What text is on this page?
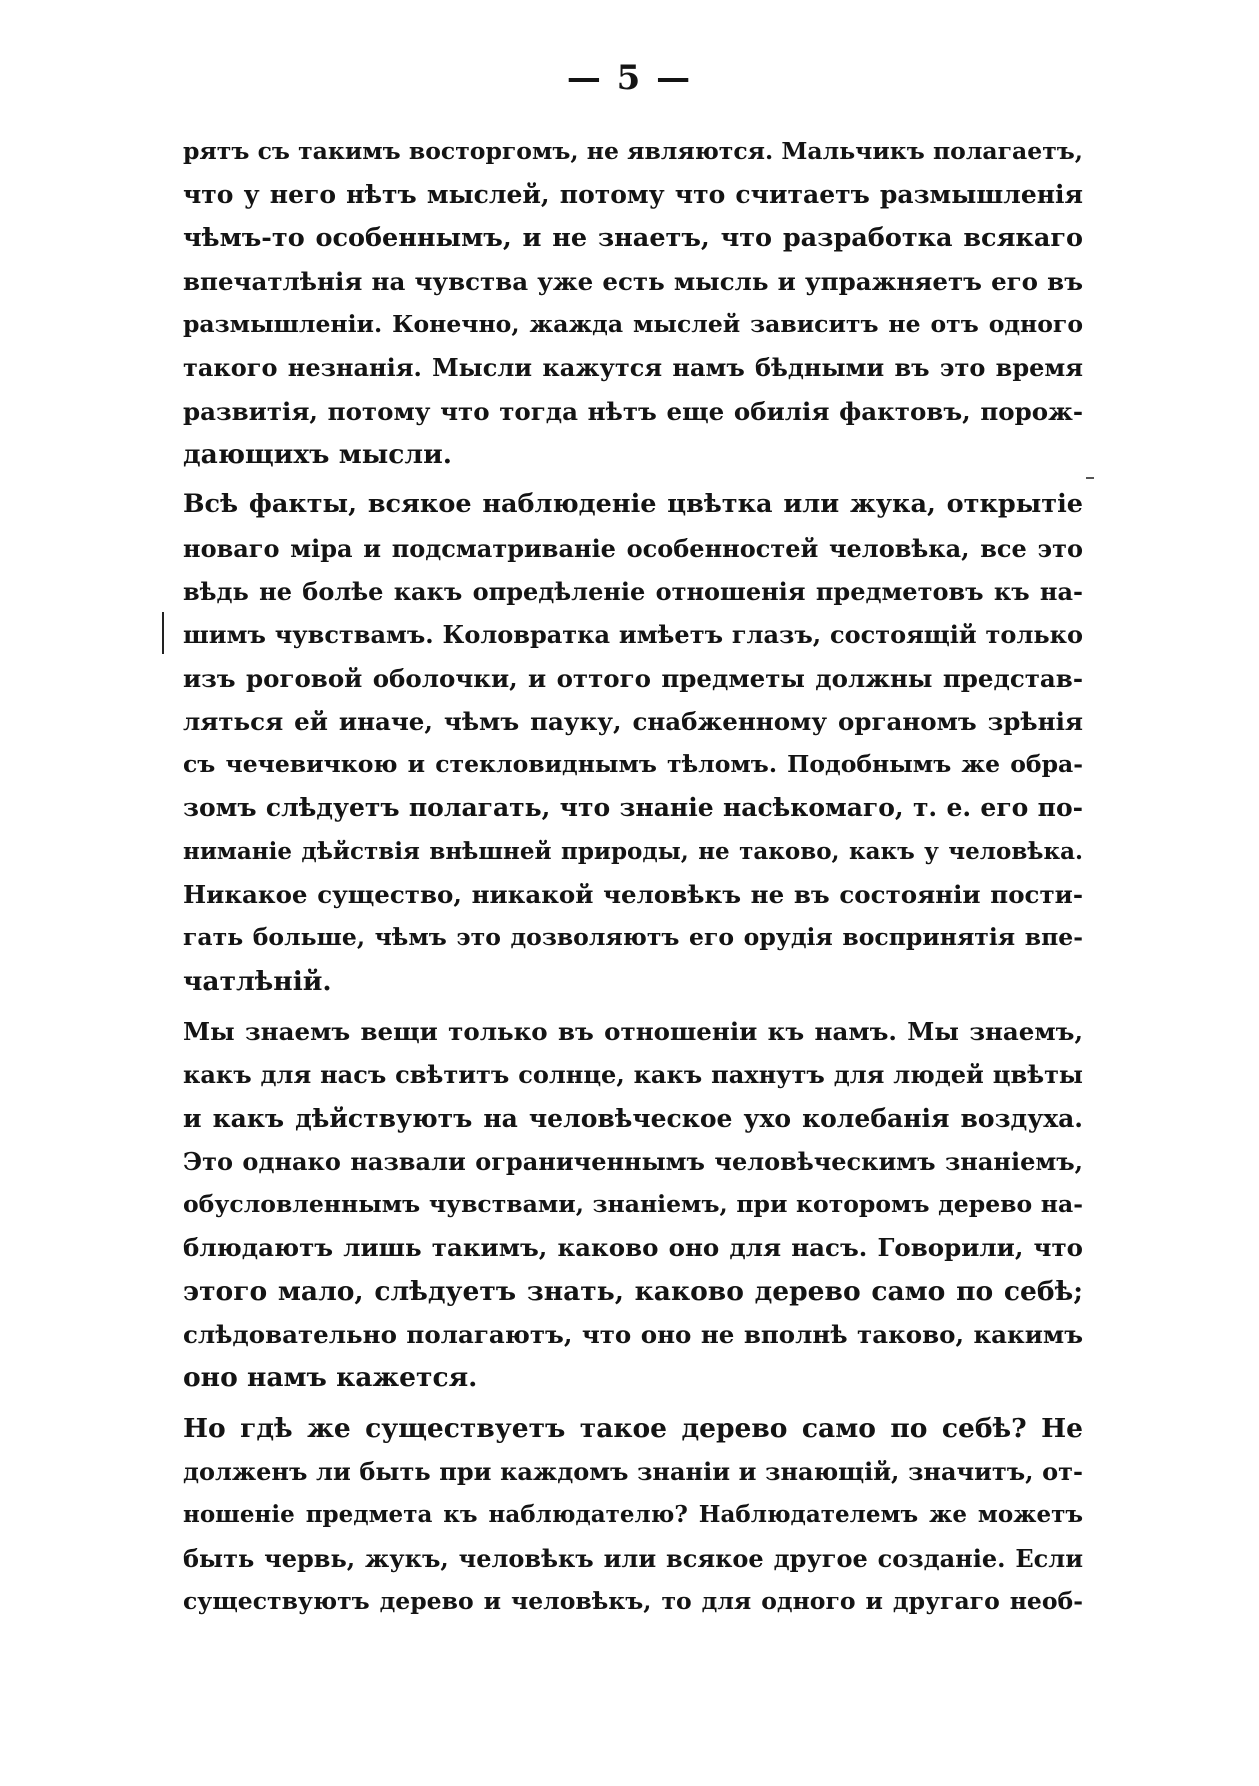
— 5 —
рятъ съ такимъ восторгомъ, не являются. Мальчикъ полагаетъ,
что у него нѣтъ мыслей, потому что считаетъ размышленія
чѣмъ-то особеннымъ, и не знаетъ, что разработка всякаго
впечатлѣнія на чувства уже есть мысль и упражняетъ его въ
размышленіи. Конечно, жажда мыслей зависитъ не отъ одного
такого незнанія. Мысли кажутся намъ бѣдными въ это время
развитія, потому что тогда нѣтъ еще обилія фактовъ, порож-
дающихъ мысли.
Всѣ факты, всякое наблюденіе цвѣтка или жука, открытіе
новаго міра и подсматриваніе особенностей человѣка, все это
вѣдь не болѣе какъ опредѣленіе отношенія предметовъ къ на-
шимъ чувствамъ. Коловратка имѣетъ глазъ, состоящій только
изъ роговой оболочки, и оттого предметы должны представ-
ляться ей иначе, чѣмъ пауку, снабженному органомъ зрѣнія
съ чечевичкою и стекловиднымъ тѣломъ. Подобнымъ же обра-
зомъ слѣдуетъ полагать, что знаніе насѣкомаго, т. е. его по-
ниманіе дѣйствія внѣшней природы, не таково, какъ у человѣка.
Никакое существо, никакой человѣкъ не въ состояніи пости-
гать больше, чѣмъ это дозволяютъ его орудія воспринятія впе-
чатлѣній.
Мы знаемъ вещи только въ отношеніи къ намъ. Мы знаемъ,
какъ для насъ свѣтитъ солнце, какъ пахнутъ для людей цвѣты
и какъ дѣйствуютъ на человѣческое ухо колебанія воздуха.
Это однако назвали ограниченнымъ человѣческимъ знаніемъ,
обусловленнымъ чувствами, знаніемъ, при которомъ дерево на-
блюдаютъ лишь такимъ, каково оно для насъ. Говорили, что
этого мало, слѣдуетъ знать, каково дерево само по себѣ;
слѣдовательно полагаютъ, что оно не вполнѣ таково, какимъ
оно намъ кажется.
Но гдѣ же существуетъ такое дерево само по себѣ? Не
долженъ ли быть при каждомъ знаніи и знающій, значитъ, от-
ношеніе предмета къ наблюдателю? Наблюдателемъ же можетъ
быть червь, жукъ, человѣкъ или всякое другое созданіе. Если
существуютъ дерево и человѣкъ, то для одного и другаго необ-
